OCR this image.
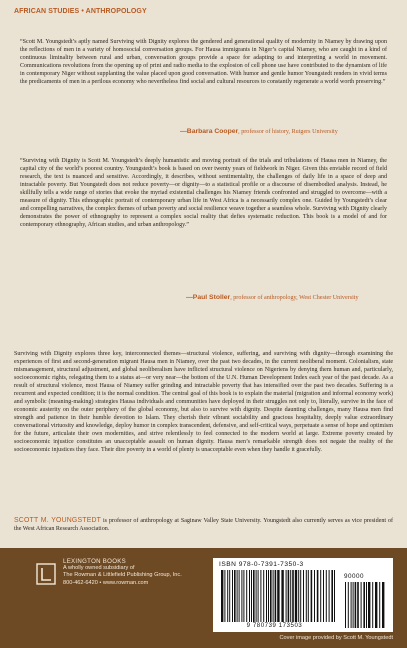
AFRICAN STUDIES • ANTHROPOLOGY

“Scott M. Youngstedt’s aptly named Surviving with Dignity explores the gendered and generational quality of modernity in Niamey by drawing upon the reflections of men in a variety of homosocial conversation groups. For Hausa immigrants in Niger’s capital Niamey, who are caught in a kind of continuous liminality between rural and urban, conversation groups provide a space for adapting to and interpreting a world in movement. Communications revolutions from the opening up of print and radio media to the explosion of cell phone use have contributed to the dynamism of life in contemporary Niger without supplanting the value placed upon good conversation. With humor and gentle humor Youngstedt renders in vivid terms the predicaments of men in a perilous economy who nevertheless find social and cultural resources to constantly regenerate a world worth preserving.”

—Barbara Cooper, professor of history, Rutgers University

“Surviving with Dignity is Scott M. Youngstedt’s deeply humanistic and moving portrait of the trials and tribulations of Hausa men in Niamey, the capital city of the world’s poorest country. Youngstedt’s book is based on over twenty years of fieldwork in Niger. Given this enviable record of field research, the text is nuanced and sensitive. Accordingly, it describes, without sentimentality, the challenges of daily life in a space of deep and intractable poverty. But Youngstedt does not reduce poverty—or dignity—to a statistical profile or a discourse of disembodied analysis. Instead, he skillfully tells a wide range of stories that evoke the myriad existential challenges his Niamey friends confronted and struggled to overcome—with a measure of dignity. This ethnographic portrait of contemporary urban life in West Africa is a necessarily complex one. Guided by Youngstedt’s clear and compelling narratives, the complex themes of urban poverty and social resilience weave together a seamless whole. Surviving with Dignity clearly demonstrates the power of ethnography to represent a complex social reality that defies systematic reduction. This book is a model of and for contemporary ethnography, African studies, and urban anthropology.”

—Paul Stoller, professor of anthropology, West Chester University
Surviving with Dignity explores three key, interconnected themes—structural violence, suffering, and surviving with dignity—through examining the experiences of first and second-generation migrant Hausa men in Niamey, over the past two decades, in the current neoliberal moment. Colonialism, state mismanagement, structural adjustment, and global neoliberalism have inflicted structural violence on Nigeriens by denying them human and, particularly, socioeconomic rights, relegating them to a status at—or very near—the bottom of the U.N. Human Development Index each year of the past decade. As a result of structural violence, most Hausa of Niamey suffer grinding and intractable poverty that has intensified over the past two decades. Suffering is a recurrent and expected condition; it is the normal condition. The central goal of this book is to explain the material (migration and informal economy work) and symbolic (meaning-making) strategies Hausa individuals and communities have deployed in their struggles not only to, literally, survive in the face of economic austerity on the outer periphery of the global economy, but also to survive with dignity. Despite daunting challenges, many Hausa men find strength and patience in their humble devotion to Islam. They cherish their vibrant sociability and gracious hospitality, deeply value extraordinary conversational virtuosity and knowledge, deploy humor in complex transcendent, defensive, and self-critical ways, perpetuate a sense of hope and optimism for the future, articulate their own modernities, and strive relentlessly to feel connected to the modern world at large. Extreme poverty created by socioeconomic injustice constitutes an unacceptable assault on human dignity. Hausa men’s remarkable strength does not negate the reality of the socioeconomic injustices they face. Their dire poverty in a world of plenty is unacceptable even when they handle it gracefully.
SCOTT M. YOUNGSTEDT is professor of anthropology at Saginaw Valley State University. Youngstedt also currently serves as vice president of the West African Research Association.
LEXINGTON BOOKS
A wholly owned subsidiary of
The Rowman & Littlefield Publishing Group, Inc.
800-462-6420 • www.rowman.com
ISBN 978-0-7391-7350-3
9 780739 173503
90000
Cover image provided by Scott M. Youngstedt
